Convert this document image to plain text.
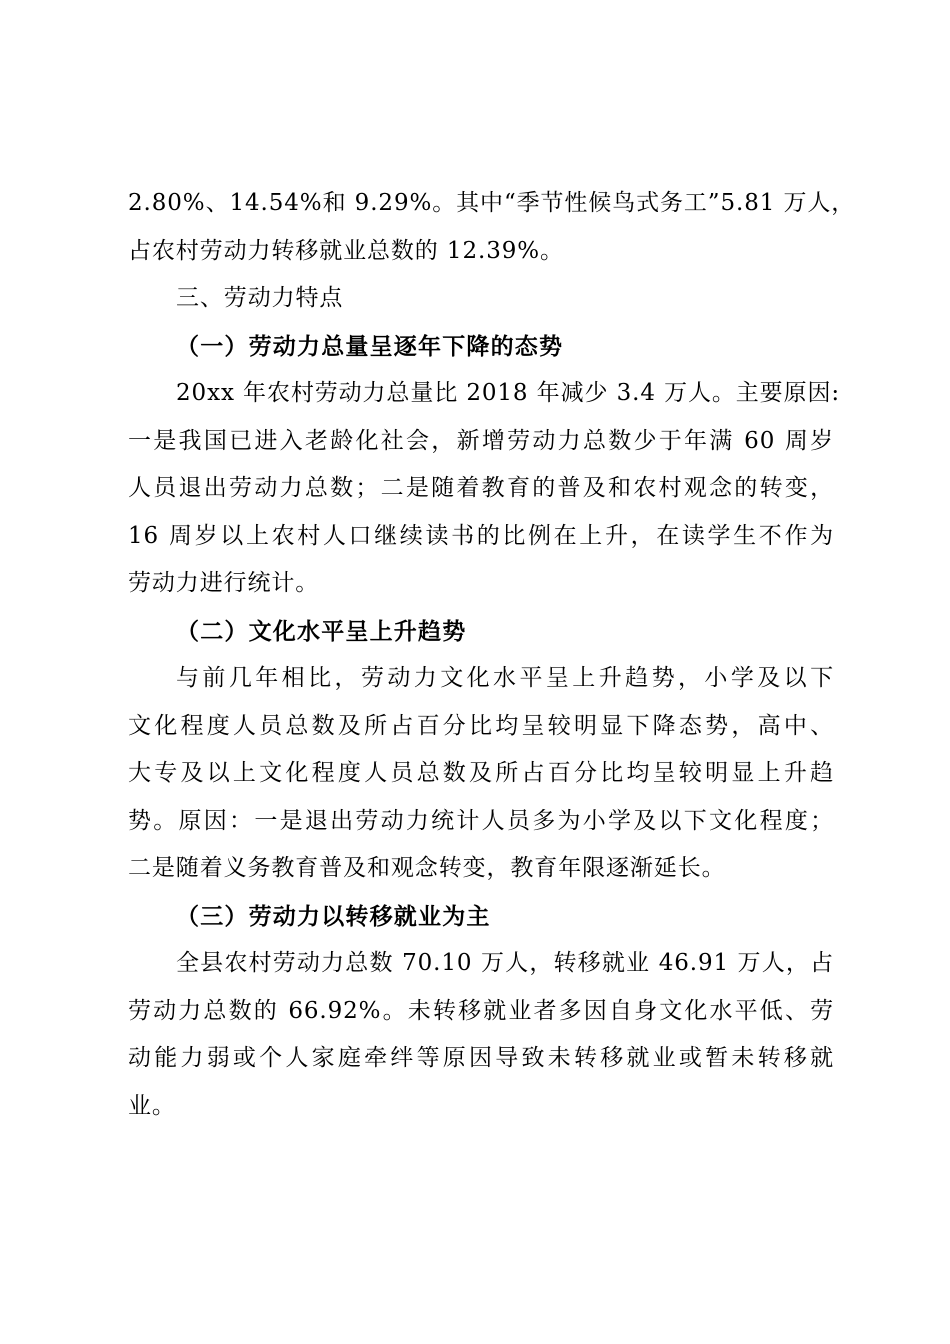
2.80%、14.54%和 9.29%。其中“季节性候鸟式务工”5.81 万人，
占农村劳动力转移就业总数的 12.39%。
三、劳动力特点
（一）劳动力总量呈逐年下降的态势
20xx 年农村劳动力总量比 2018 年减少 3.4 万人。主要原因:
一是我国已进入老龄化社会，新增劳动力总数少于年满 60 周岁
人员退出劳动力总数；二是随着教育的普及和农村观念的转变，
16 周岁以上农村人口继续读书的比例在上升，在读学生不作为
劳动力进行统计。
（二）文化水平呈上升趋势
与前几年相比，劳动力文化水平呈上升趋势，小学及以下
文化程度人员总数及所占百分比均呈较明显下降态势，高中、
大专及以上文化程度人员总数及所占百分比均呈较明显上升趋
势。原因：一是退出劳动力统计人员多为小学及以下文化程度；
二是随着义务教育普及和观念转变，教育年限逐渐延长。
（三）劳动力以转移就业为主
全县农村劳动力总数 70.10 万人，转移就业 46.91 万人，占
劳动力总数的 66.92%。未转移就业者多因自身文化水平低、劳
动能力弱或个人家庭牵绊等原因导致未转移就业或暂未转移就
业。
